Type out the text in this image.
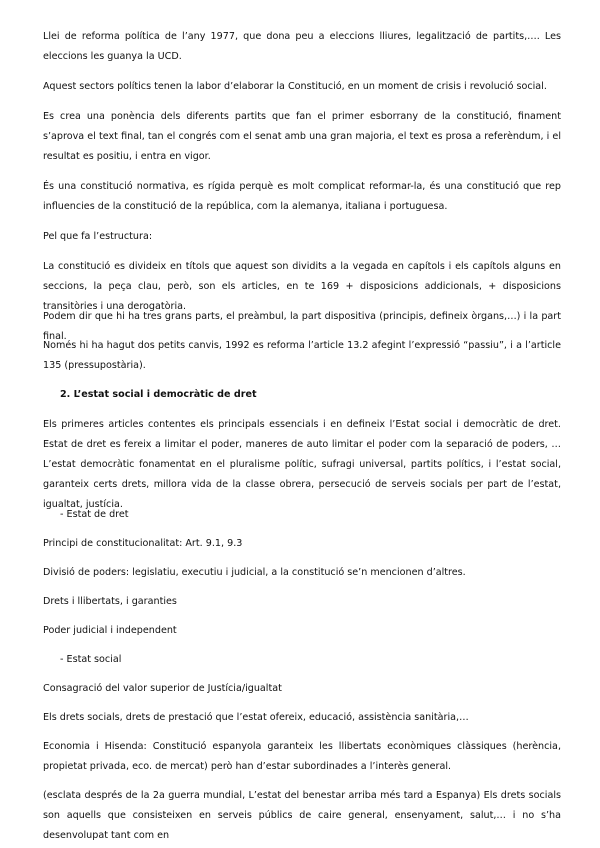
Llei de reforma política de l’any 1977, que dona peu a eleccions lliures, legalització de partits,…. Les eleccions les guanya la UCD.

Aquest sectors polítics tenen la labor d’elaborar la Constitució, en un moment de crisis i revolució social.

Es crea una ponència dels diferents partits que fan el primer esborrany de la constitució, finament s’aprova el text final, tan el congrés com el senat amb una gran majoria, el text es prosa a referèndum, i el resultat es positiu, i entra en vigor.

És una constitució normativa, es rígida perquè es molt complicat reformar-la, és una constitució que rep influencies de la constitució de la república, com la alemanya, italiana i portuguesa.

Pel que fa l’estructura:

La constitució es divideix en títols que aquest son dividits a la vegada en capítols i els capítols alguns en seccions, la peça clau, però, son els articles, en te 169 + disposicions addicionals, + disposicions transitòries i una derogatòria.

Podem dir que hi ha tres grans parts, el preàmbul, la part dispositiva (principis, defineix òrgans,…) i la part final.

Només hi ha hagut dos petits canvis, 1992 es reforma l’article 13.2 afegint l’expressió “passiu”, i a l’article 135 (pressupostària).

2. L’estat social i democràtic de dret

Els primeres articles contentes els principals essencials i en defineix l’Estat social i democràtic de dret. Estat de dret es fereix a limitar el poder, maneres de auto limitar el poder com la separació de poders, … L’estat democràtic fonamentat en el pluralisme polític, sufragi universal, partits polítics, i l’estat social, garanteix certs drets, millora vida de la classe obrera, persecució de serveis socials per part de l’estat, igualtat, justícia.

- Estat de dret

Principi de constitucionalitat: Art. 9.1, 9.3

Divisió de poders: legislatiu, executiu i judicial, a la constitució se’n mencionen d’altres.

Drets i llibertats, i garanties

Poder judicial i independent

- Estat social

Consagració del valor superior de Justícia/igualtat

Els drets socials, drets de prestació que l’estat ofereix, educació, assistència sanitària,…

Economia i Hisenda: Constitució espanyola garanteix les llibertats econòmiques clàssiques (herència, propietat privada, eco. de mercat) però han d’estar subordinades a l’interès general.

(esclata després de la 2a guerra mundial, L’estat del benestar arriba més tard a Espanya) Els drets socials son aquells que consisteixen en serveis públics de caire general, ensenyament, salut,… i no s’ha desenvolupat tant com en
